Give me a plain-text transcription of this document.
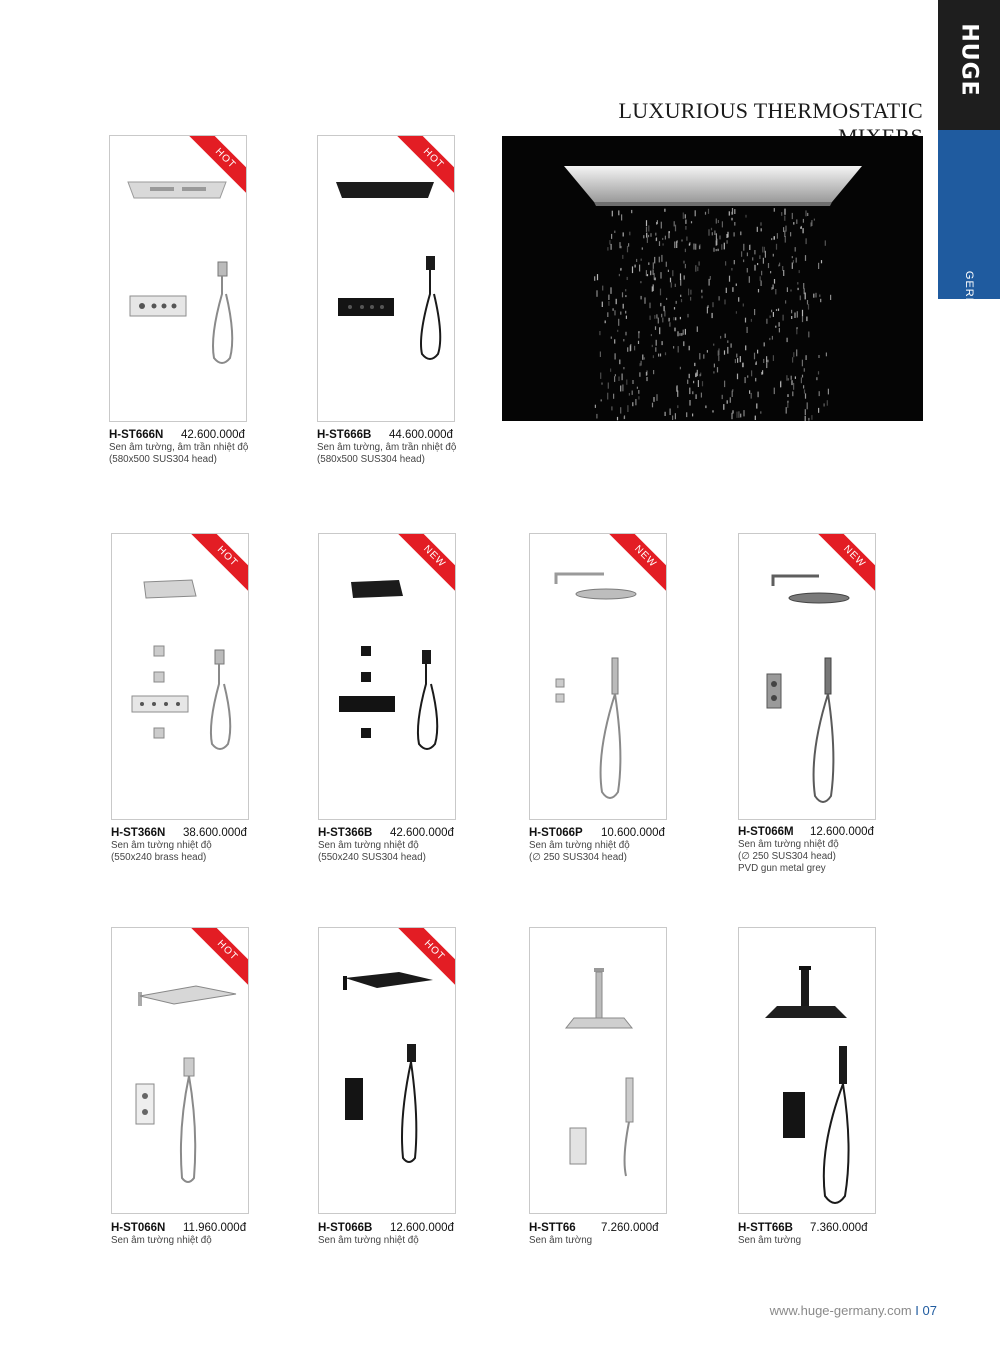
HUGE
GERMANY STANDARD
LUXURIOUS THERMOSTATIC
HOT
H-ST666N 42.600.000đ
Sen âm tường, âm trần nhiệt độ
(580x500 SUS304 head)
HOT
H-ST666B 44.600.000đ
Sen âm tường, âm trần nhiệt độ
(580x500 SUS304 head)
HOT
H-ST366N 38.600.000đ
Sen âm tường nhiệt độ
(550x240 brass head)
NEW
H-ST366B 42.600.000đ
Sen âm tường nhiệt độ
(550x240 SUS304 head)
NEW
H-ST066P 10.600.000đ
Sen âm tường nhiệt độ
(∅ 250 SUS304 head)
NEW
H-ST066M 12.600.000đ
Sen âm tường nhiệt độ
(∅ 250 SUS304 head)
PVD gun metal grey
HOT
H-ST066N 11.960.000đ
Sen âm tường nhiệt độ
HOT
H-ST066B 12.600.000đ
Sen âm tường nhiệt độ
H-STT66 7.260.000đ
Sen âm tường
H-STT66B 7.360.000đ
Sen âm tường
www.huge-germany.com I 07
